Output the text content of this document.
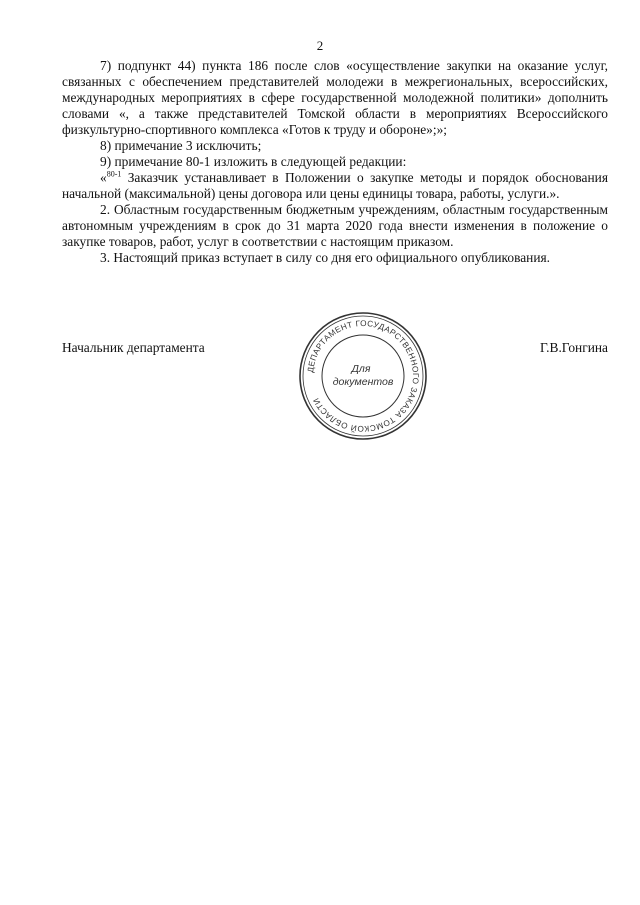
2

7) подпункт 44) пункта 186 после слов «осуществление закупки на оказание услуг, связанных с обеспечением представителей молодежи в межрегиональных, всероссийских, международных мероприятиях в сфере государственной молодежной политики» дополнить словами «, а также представителей Томской области в мероприятиях Всероссийского физкультурно-спортивного комплекса «Готов к труду и обороне»;»;

8) примечание 3 исключить;

9) примечание 80-1 изложить в следующей редакции:

«$^{80-1}$ Заказчик устанавливает в Положении о закупке методы и порядок обоснования начальной (максимальной) цены договора или цены единицы товара, работы, услуги.».

2. Областным государственным бюджетным учреждениям, областным государственным автономным учреждениям в срок до 31 марта 2020 года внести изменения в положение о закупке товаров, работ, услуг в соответствии с настоящим приказом.

3. Настоящий приказ вступает в силу со дня его официального опубликования.

Начальник департамента	Г.В.Гонгина
ДЕПАРТАМЕНТ ГОСУДАРСТВЕННОГО ЗАКАЗА ТОМСКОЙ ОБЛАСТИ
Для
документов
